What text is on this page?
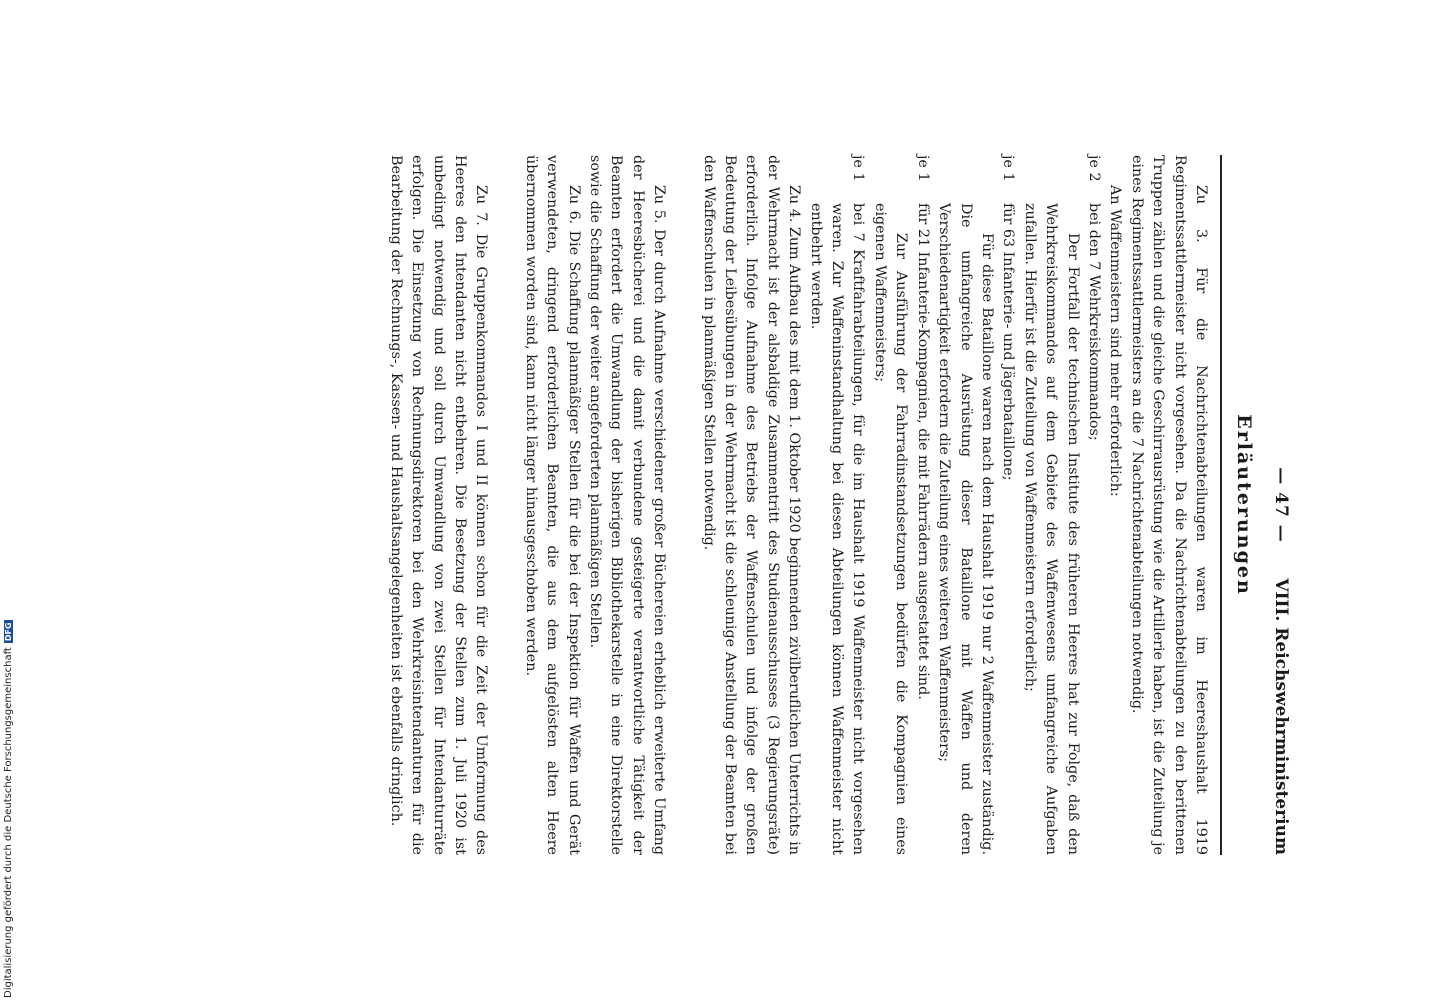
— 47 —
VIII. Reichswehrministerium
Erläuterungen

Zu 3. Für die Nachrichtenabteilungen waren im Heereshaushalt 1919 Regimentssattlermeister nicht vorgesehen. Da die Nachrichtenabteilungen zu den berittenen Truppen zählen und die gleiche Geschirrausrüstung wie die Artillerie haben, ist die Zuteilung je eines Regimentssattlermeisters an die 7 Nachrichtenabteilungen notwendig.

An Waffenmeistern sind mehr erforderlich:

je 2
bei den 7 Wehrkreiskommandos;

Der Fortfall der technischen Institute des früheren Heeres hat zur Folge, daß den Wehrkreiskommandos auf dem Gebiete des Waffenwesens umfangreiche Aufgaben zufallen. Hierfür ist die Zuteilung von Waffenmeistern erforderlich;

je 1
für 63 Infanterie- und Jägerbataillone;

Für diese Bataillone waren nach dem Haushalt 1919 nur 2 Waffenmeister zuständig. Die umfangreiche Ausrüstung dieser Bataillone mit Waffen und deren Verschiedenartigkeit erfordern die Zuteilung eines weiteren Waffenmeisters;

je 1
für 21 Infanterie-Kompagnien, die mit Fahrrädern ausgestattet sind.

Zur Ausführung der Fahrradinstandsetzungen bedürfen die Kompagnien eines eigenen Waffenmeisters;

je 1
bei 7 Kraftfahrabteilungen, für die im Haushalt 1919 Waffenmeister nicht vorgesehen waren. Zur Waffeninstandhaltung bei diesen Abteilungen können Waffenmeister nicht entbehrt werden.

Zu 4. Zum Aufbau des mit dem 1. Oktober 1920 beginnenden zivilberuflichen Unterrichts in der Wehrmacht ist der alsbaldige Zusammentritt des Studienausschusses (3 Regierungsräte) erforderlich. Infolge Aufnahme des Betriebs der Waffenschulen und infolge der großen Bedeutung der Leibesübungen in der Wehrmacht ist die schleunige Anstellung der Beamten bei den Waffenschulen in planmäßigen Stellen notwendig.

Zu 5. Der durch Aufnahme verschiedener großer Büchereien erheblich erweiterte Umfang der Heeresbücherei und die damit verbundene gesteigerte verantwortliche Tätigkeit der Beamten erfordert die Umwandlung der bisherigen Bibliothekarstelle in eine Direktorstelle sowie die Schaffung der weiter angeforderten planmäßigen Stellen.

Zu 6. Die Schaffung planmäßiger Stellen für die bei der Inspektion für Waffen und Gerät verwendeten, dringend erforderlichen Beamten, die aus dem aufgelösten alten Heere übernommen worden sind, kann nicht länger hinausgeschoben werden.

Zu 7. Die Gruppenkommandos I und II können schon für die Zeit der Umformung des Heeres den Intendanten nicht entbehren. Die Besetzung der Stellen zum 1. Juli 1920 ist unbedingt notwendig und soll durch Umwandlung von zwei Stellen für Intendanturräte erfolgen. Die Einsetzung von Rechnungsdirektoren bei den Wehrkreisintendanturen für die Bearbeitung der Rechnungs-, Kassen- und Haushaltsangelegenheiten ist ebenfalls dringlich.

Digitalisierung gefördert durch die Deutsche Forschungsgemeinschaft
DFG
